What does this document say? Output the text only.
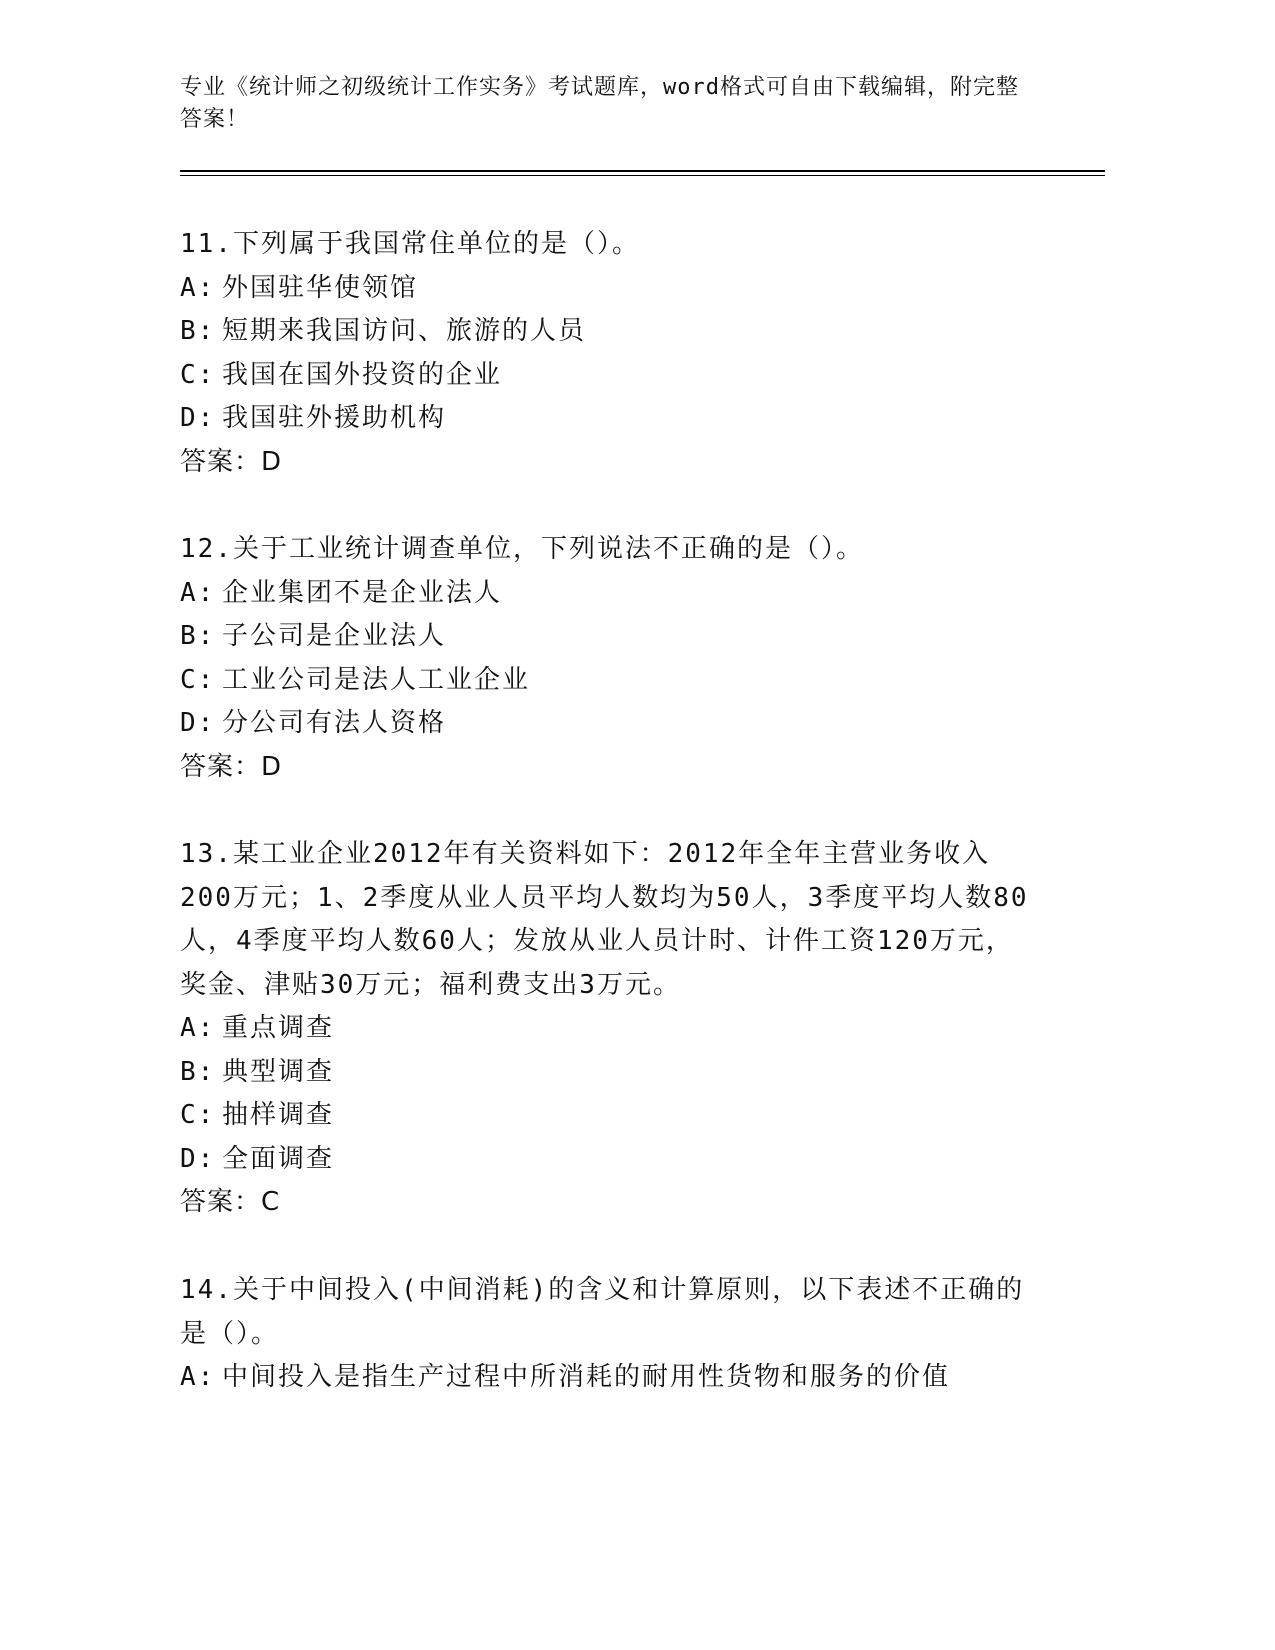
专业《统计师之初级统计工作实务》考试题库，word格式可自由下载编辑，附完整答案！

11.下列属于我国常住单位的是（）。

A: 外国驻华使领馆

B: 短期来我国访问、旅游的人员

C: 我国在国外投资的企业

D: 我国驻外援助机构

答案：D

12.关于工业统计调查单位，下列说法不正确的是（）。

A: 企业集团不是企业法人

B: 子公司是企业法人

C: 工业公司是法人工业企业

D: 分公司有法人资格

答案：D

13.某工业企业2012年有关资料如下：2012年全年主营业务收入200万元；1、2季度从业人员平均人数均为50人，3季度平均人数80人，4季度平均人数60人；发放从业人员计时、计件工资120万元，奖金、津贴30万元；福利费支出3万元。

A: 重点调查

B: 典型调查

C: 抽样调查

D: 全面调查

答案：C

14.关于中间投入(中间消耗)的含义和计算原则，以下表述不正确的是（）。

A: 中间投入是指生产过程中所消耗的耐用性货物和服务的价值
